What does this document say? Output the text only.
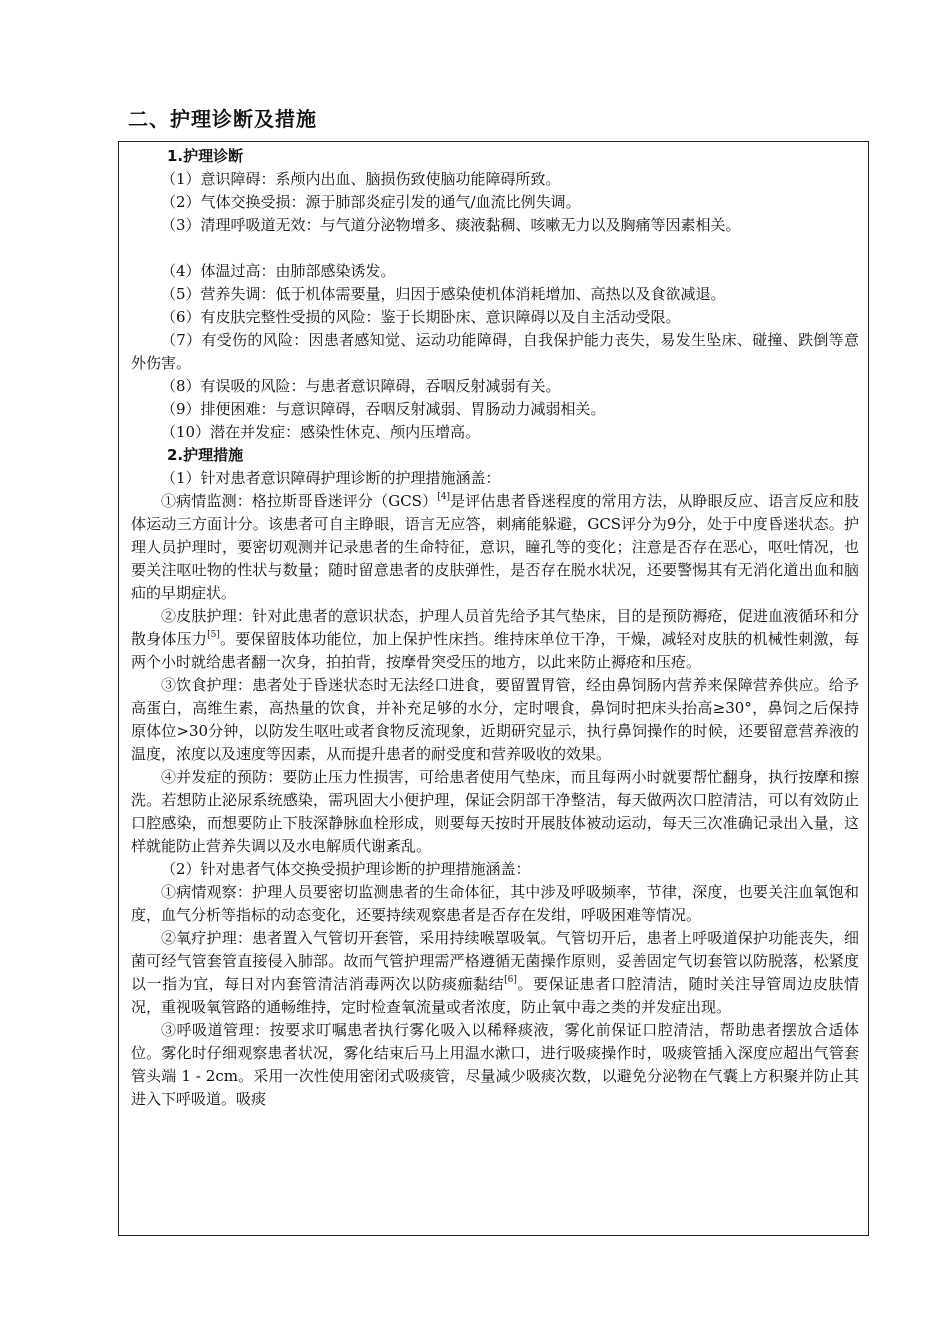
二、护理诊断及措施

1.护理诊断

（1）意识障碍：系颅内出血、脑损伤致使脑功能障碍所致。

（2）气体交换受损：源于肺部炎症引发的通气/血流比例失调。

（3）清理呼吸道无效：与气道分泌物增多、痰液黏稠、咳嗽无力以及胸痛等因素相关。

（4）体温过高：由肺部感染诱发。

（5）营养失调：低于机体需要量，归因于感染使机体消耗增加、高热以及食欲减退。

（6）有皮肤完整性受损的风险：鉴于长期卧床、意识障碍以及自主活动受限。

（7）有受伤的风险：因患者感知觉、运动功能障碍，自我保护能力丧失，易发生坠床、碰撞、跌倒等意外伤害。

（8）有误吸的风险：与患者意识障碍，吞咽反射减弱有关。

（9）排便困难：与意识障碍，吞咽反射减弱、胃肠动力减弱相关。

（10）潜在并发症：感染性休克、颅内压增高。

2.护理措施

（1）针对患者意识障碍护理诊断的护理措施涵盖：

①病情监测：格拉斯哥昏迷评分（GCS）[4]是评估患者昏迷程度的常用方法，从睁眼反应、语言反应和肢体运动三方面计分。该患者可自主睁眼，语言无应答，刺痛能躲避，GCS评分为9分，处于中度昏迷状态。护理人员护理时，要密切观测并记录患者的生命特征，意识，瞳孔等的变化；注意是否存在恶心，呕吐情况，也要关注呕吐物的性状与数量；随时留意患者的皮肤弹性，是否存在脱水状况，还要警惕其有无消化道出血和脑疝的早期症状。

②皮肤护理：针对此患者的意识状态，护理人员首先给予其气垫床，目的是预防褥疮，促进血液循环和分散身体压力[5]。要保留肢体功能位，加上保护性床挡。维持床单位干净，干燥，减轻对皮肤的机械性刺激，每两个小时就给患者翻一次身，拍拍背，按摩骨突受压的地方，以此来防止褥疮和压疮。

③饮食护理：患者处于昏迷状态时无法经口进食，要留置胃管，经由鼻饲肠内营养来保障营养供应。给予高蛋白，高维生素，高热量的饮食，并补充足够的水分，定时喂食，鼻饲时把床头抬高≥30°，鼻饲之后保持原体位>30分钟，以防发生呕吐或者食物反流现象，近期研究显示，执行鼻饲操作的时候，还要留意营养液的温度，浓度以及速度等因素，从而提升患者的耐受度和营养吸收的效果。

④并发症的预防：要防止压力性损害，可给患者使用气垫床，而且每两小时就要帮忙翻身，执行按摩和擦洗。若想防止泌尿系统感染，需巩固大小便护理，保证会阴部干净整洁，每天做两次口腔清洁，可以有效防止口腔感染，而想要防止下肢深静脉血栓形成，则要每天按时开展肢体被动运动，每天三次准确记录出入量，这样就能防止营养失调以及水电解质代谢紊乱。

（2）针对患者气体交换受损护理诊断的护理措施涵盖：

①病情观察：护理人员要密切监测患者的生命体征，其中涉及呼吸频率，节律，深度，也要关注血氧饱和度，血气分析等指标的动态变化，还要持续观察患者是否存在发绀，呼吸困难等情况。

②氧疗护理：患者置入气管切开套管，采用持续喉罩吸氧。气管切开后，患者上呼吸道保护功能丧失，细菌可经气管套管直接侵入肺部。故而气管护理需严格遵循无菌操作原则，妥善固定气切套管以防脱落，松紧度以一指为宜，每日对内套管清洁消毒两次以防痰痂黏结[6]。要保证患者口腔清洁，随时关注导管周边皮肤情况，重视吸氧管路的通畅维持，定时检查氧流量或者浓度，防止氧中毒之类的并发症出现。

③呼吸道管理：按要求叮嘱患者执行雾化吸入以稀释痰液，雾化前保证口腔清洁，帮助患者摆放合适体位。雾化时仔细观察患者状况，雾化结束后马上用温水漱口，进行吸痰操作时，吸痰管插入深度应超出气管套管头端 1 - 2cm。采用一次性使用密闭式吸痰管，尽量减少吸痰次数，以避免分泌物在气囊上方积聚并防止其进入下呼吸道。吸痰
